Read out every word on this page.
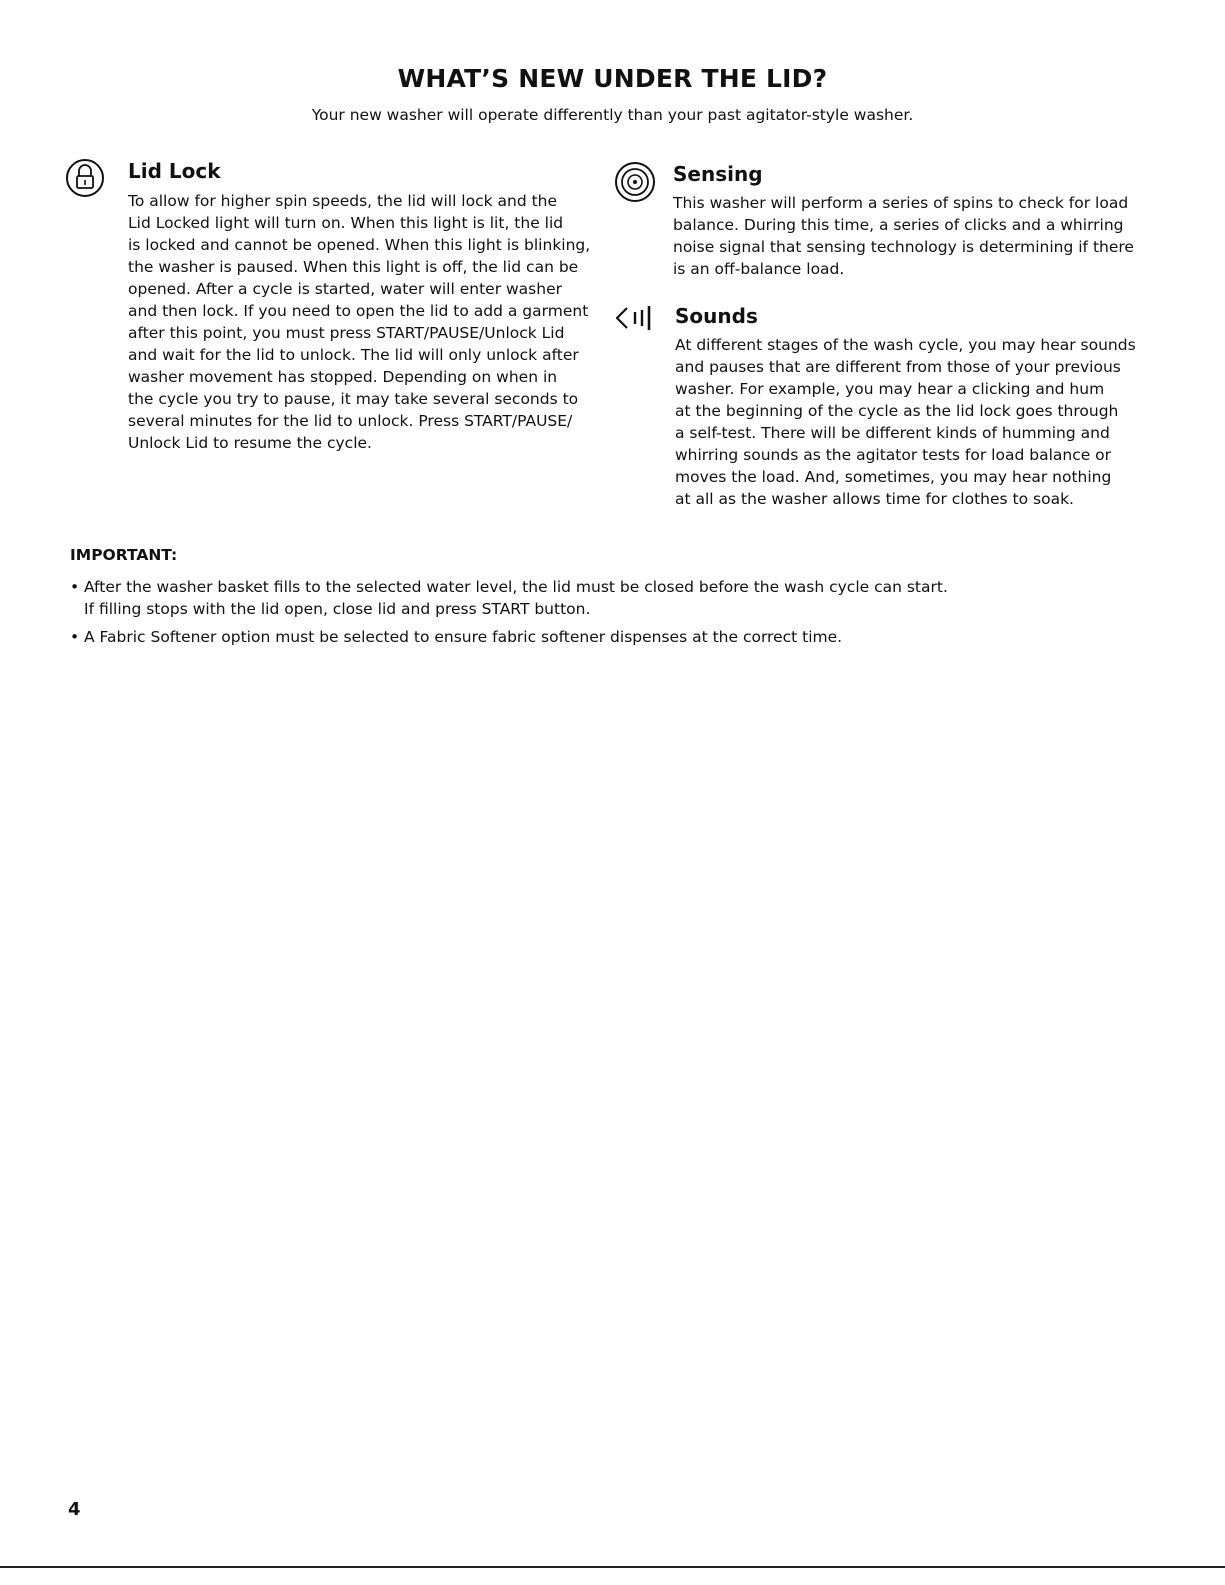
WHAT’S NEW UNDER THE LID?

Your new washer will operate differently than your past agitator-style washer.

Lid Lock

To allow for higher spin speeds, the lid will lock and the
Lid Locked light will turn on. When this light is lit, the lid
is locked and cannot be opened. When this light is blinking,
the washer is paused. When this light is off, the lid can be
opened. After a cycle is started, water will enter washer
and then lock. If you need to open the lid to add a garment
after this point, you must press START/PAUSE/Unlock Lid
and wait for the lid to unlock. The lid will only unlock after
washer movement has stopped. Depending on when in
the cycle you try to pause, it may take several seconds to
several minutes for the lid to unlock. Press START/PAUSE/
Unlock Lid to resume the cycle.

Sensing

This washer will perform a series of spins to check for load
balance. During this time, a series of clicks and a whirring
noise signal that sensing technology is determining if there
is an off-balance load.

Sounds

At different stages of the wash cycle, you may hear sounds
and pauses that are different from those of your previous
washer. For example, you may hear a clicking and hum
at the beginning of the cycle as the lid lock goes through
a self-test. There will be different kinds of humming and
whirring sounds as the agitator tests for load balance or
moves the load. And, sometimes, you may hear nothing
at all as the washer allows time for clothes to soak.

IMPORTANT:
• After the washer basket fills to the selected water level, the lid must be closed before the wash cycle can start.
If filling stops with the lid open, close lid and press START button.
• A Fabric Softener option must be selected to ensure fabric softener dispenses at the correct time.

4
